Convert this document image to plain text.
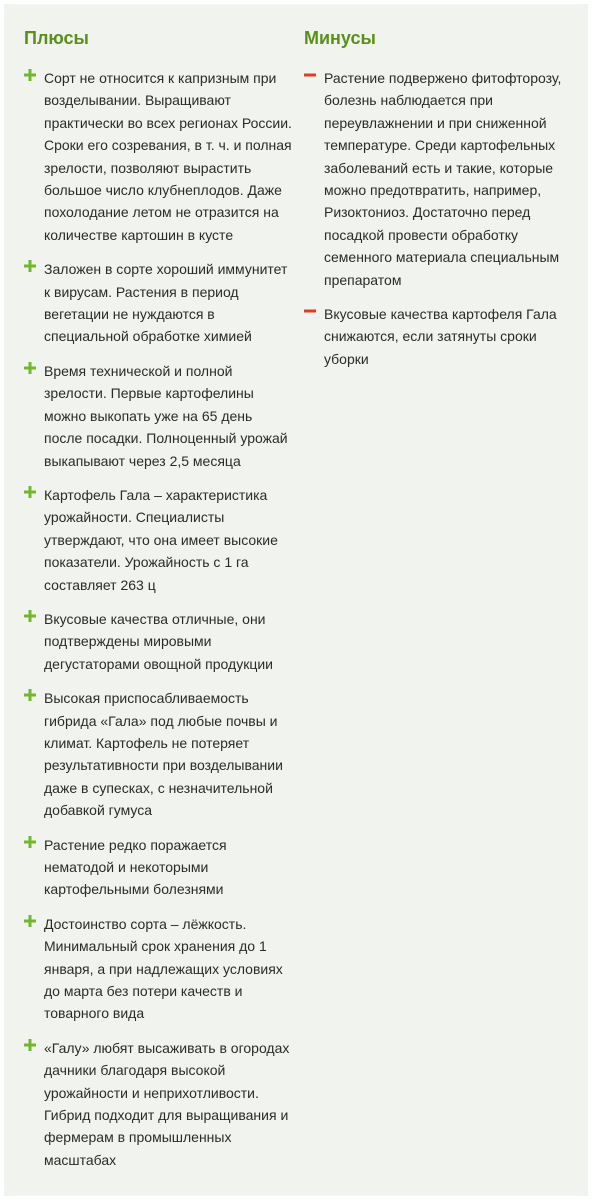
Плюсы
Сорт не относится к капризным при возделывании. Выращивают практически во всех регионах России. Сроки его созревания, в т. ч. и полная зрелости, позволяют вырастить большое число клубнеплодов. Даже похолодание летом не отразится на количестве картошин в кусте
Заложен в сорте хороший иммунитет к вирусам. Растения в период вегетации не нуждаются в специальной обработке химией
Время технической и полной зрелости. Первые картофелины можно выкопать уже на 65 день после посадки. Полноценный урожай выкапывают через 2,5 месяца
Картофель Гала – характеристика урожайности. Специалисты утверждают, что она имеет высокие показатели. Урожайность с 1 га составляет 263 ц
Вкусовые качества отличные, они подтверждены мировыми дегустаторами овощной продукции
Высокая приспосабливаемость гибрида «Гала» под любые почвы и климат. Картофель не потеряет результативности при возделывании даже в супесках, с незначительной добавкой гумуса
Растение редко поражается нематодой и некоторыми картофельными болезнями
Достоинство сорта – лёжкость. Минимальный срок хранения до 1 января, а при надлежащих условиях до марта без потери качеств и товарного вида
«Галу» любят высаживать в огородах дачники благодаря высокой урожайности и неприхотливости. Гибрид подходит для выращивания и фермерам в промышленных масштабах
Минусы
Растение подвержено фитофторозу, болезнь наблюдается при переувлажнении и при сниженной температуре. Среди картофельных заболеваний есть и такие, которые можно предотвратить, например, Ризоктониоз. Достаточно перед посадкой провести обработку семенного материала специальным препаратом
Вкусовые качества картофеля Гала снижаются, если затянуты сроки уборки
